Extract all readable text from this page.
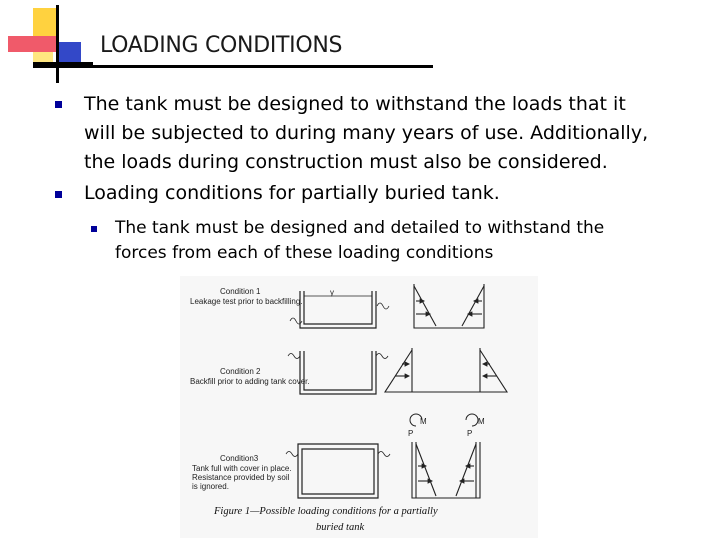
LOADING CONDITIONS
The tank must be designed to withstand the loads that it
will be subjected to during many years of use. Additionally,
the loads during construction must also be considered.
Loading conditions for partially buried tank.
The tank must be designed and detailed to withstand the
forces from each of these loading conditions
Condition 1
Leakage test prior to backfilling.
γ
Condition 2
Backfill prior to adding tank cover.
M
P
M
P
Condition3
Tank full with cover in place.
Resistance provided by soil
is ignored.
Figure 1—Possible loading conditions for a partially
buried tank
